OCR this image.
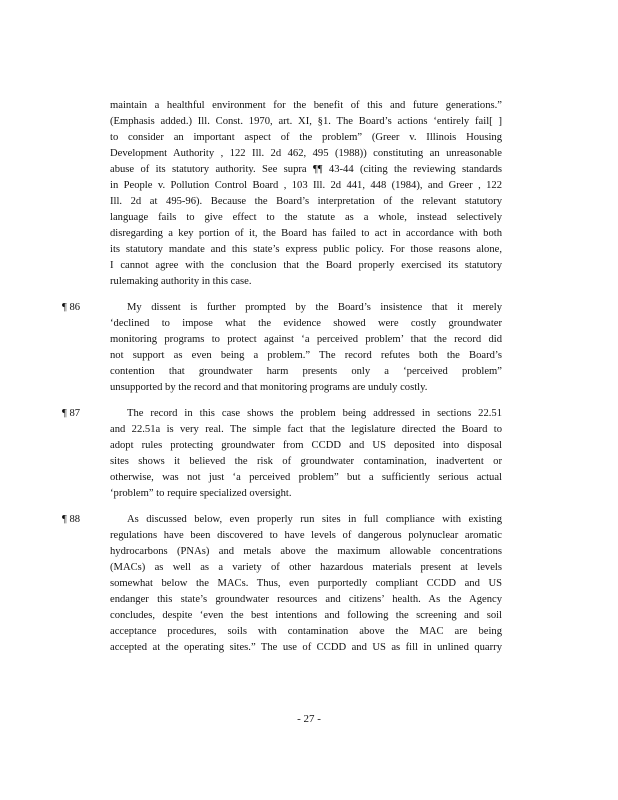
maintain a healthful environment for the benefit of this and future generations.”
(Emphasis added.) Ill. Const. 1970, art. XI, §1. The Board’s actions ‘entirely fail[ ]
to consider an important aspect of the problem” (Greer v. Illinois Housing
Development Authority , 122 Ill. 2d 462, 495 (1988)) constituting an unreasonable
abuse of its statutory authority. See supra ¶¶ 43-44 (citing the reviewing standards
in People v. Pollution Control Board , 103 Ill. 2d 441, 448 (1984), and Greer , 122
Ill. 2d at 495-96). Because the Board’s interpretation of the relevant statutory
language fails to give effect to the statute as a whole, instead selectively
disregarding a key portion of it, the Board has failed to act in accordance with both
its statutory mandate and this state’s express public policy. For those reasons alone,
I cannot agree with the conclusion that the Board properly exercised its statutory
rulemaking authority in this case.
¶ 86	My dissent is further prompted by the Board’s insistence that it merely
‘declined to impose what the evidence showed were costly groundwater
monitoring programs to protect against ‘a perceived problem’ that the record did
not support as even being a problem.” The record refutes both the Board’s
contention that groundwater harm presents only a ‘perceived problem”
unsupported by the record and that monitoring programs are unduly costly.
¶ 87	The record in this case shows the problem being addressed in sections 22.51
and 22.51a is very real. The simple fact that the legislature directed the Board to
adopt rules protecting groundwater from CCDD and US deposited into disposal
sites shows it believed the risk of groundwater contamination, inadvertent or
otherwise, was not just ‘a perceived problem” but a sufficiently serious actual
‘problem” to require specialized oversight.
¶ 88	As discussed below, even properly run sites in full compliance with existing
regulations have been discovered to have levels of dangerous polynuclear aromatic
hydrocarbons (PNAs) and metals above the maximum allowable concentrations
(MACs) as well as a variety of other hazardous materials present at levels
somewhat below the MACs. Thus, even purportedly compliant CCDD and US
endanger this state’s groundwater resources and citizens’ health. As the Agency
concludes, despite ‘even the best intentions and following the screening and soil
acceptance procedures, soils with contamination above the MAC are being
accepted at the operating sites.” The use of CCDD and US as fill in unlined quarry
- 27 -
